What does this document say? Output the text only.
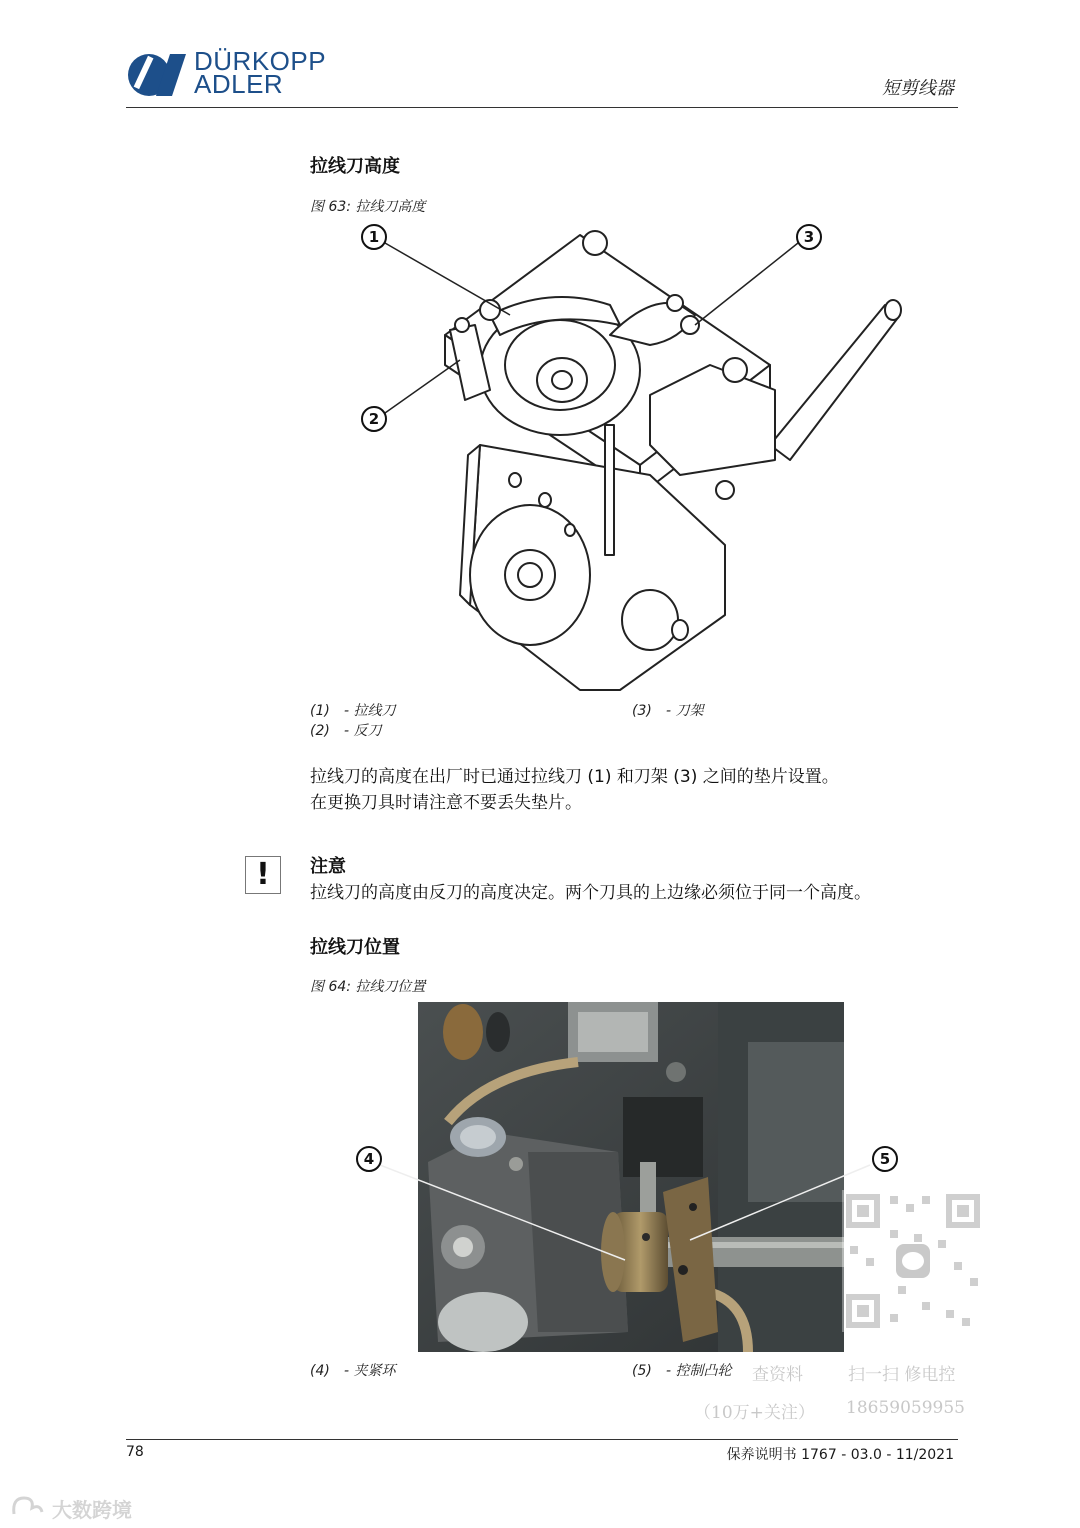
DÜRKOPP
ADLER	短剪线器
拉线刀高度
图 63: 拉线刀高度
1
2
3
(1) - 拉线刀
(2) - 反刀
(3) - 刀架
拉线刀的高度在出厂时已通过拉线刀 (1) 和刀架 (3) 之间的垫片设置。
在更换刀具时请注意不要丢失垫片。
!	注意
拉线刀的高度由反刀的高度决定。两个刀具的上边缘必须位于同一个高度。
拉线刀位置
图 64: 拉线刀位置
4	5
(4) - 夹紧环	(5) - 控制凸轮 查资料	扫一扫 修电控
（10万+关注） 18659059955
78	保养说明书 1767 - 03.0 - 11/2021
大数跨境
